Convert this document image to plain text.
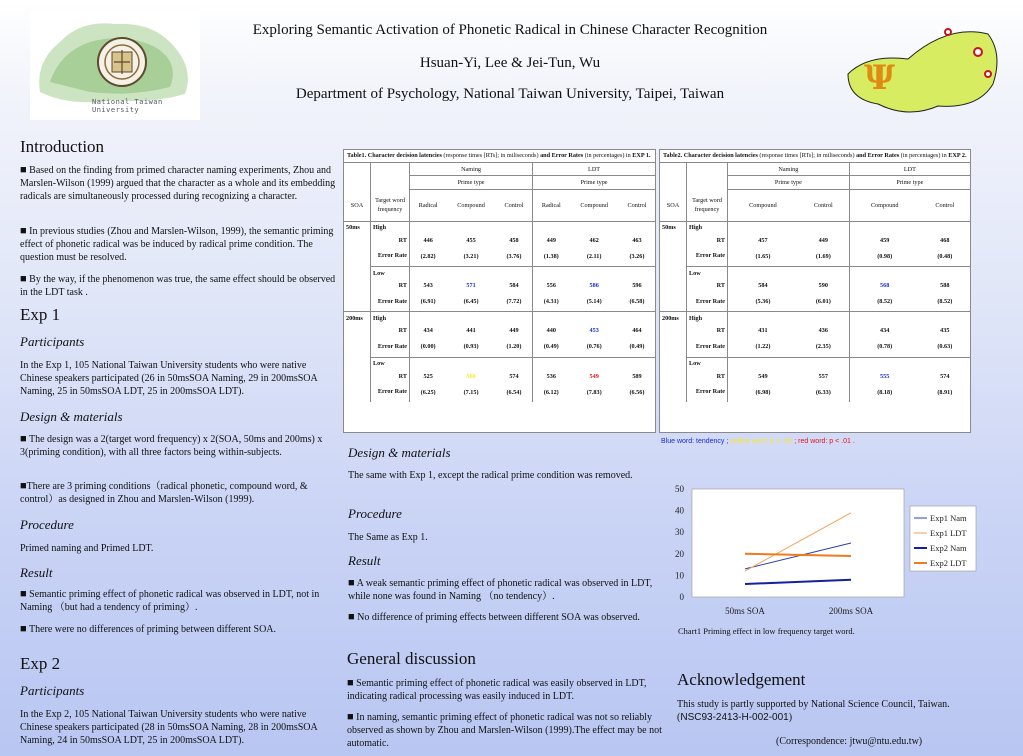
National Taiwan University
Exploring Semantic Activation of Phonetic Radical in Chinese Character Recognition
Hsuan-Yi, Lee & Jei-Tun, Wu
Department of Psychology, National Taiwan University, Taipei, Taiwan	Ψ
Introduction

■ Based on the finding from primed character naming experiments, Zhou and Marslen-Wilson (1999) argued that the character as a whole and its embedding radicals are simultaneously processed during recognizing a character.

■ In previous studies (Zhou and Marslen-Wilson, 1999), the semantic priming effect of phonetic radical was be induced by radical prime condition. The question must be resolved.

■ By the way, if the phenomenon was true, the same effect should be observed in the LDT task .

Exp 1
Participants

In the Exp 1, 105 National Taiwan University students who were native Chinese speakers participated (26 in 50msSOA Naming, 29 in 200msSOA Naming, 25 in 50msSOA LDT, 25 in 200msSOA LDT).

Design & materials

■ The design was a 2(target word frequency) x 2(SOA, 50ms and 200ms) x 3(priming condition), with all three factors being within-subjects.

■There are 3 priming conditions（radical phonetic, compound word, & control）as designed in Zhou and Marslen-Wilson (1999).

Procedure

Primed naming and Primed LDT.

Result

■ Semantic priming effect of phonetic radical was observed in LDT, not in Naming （but had a tendency of priming）.

■ There were no differences of priming between different SOA.

Exp 2
Participants

In the Exp 2, 105 National Taiwan University students who were native Chinese speakers participated (28 in 50msSOA Naming, 28 in 200msSOA Naming, 24 in 50msSOA LDT, 25 in 200msSOA LDT).

Table1. Character decision latencies (response times [RTs]; in miliseconds) and Error Rates (in percentages) in EXP 1.
		Naming			LDT		
		Prime type			Prime type		
SOA	Target word frequency	Radical	Compound	Control	Radical	Compound	Control
50ms	High						
	RT	446	455	458	449	462	463
	Error Rate	(2.82)	(3.21)	(3.76)	(1.38)	(2.11)	(3.26)
	Low						
	RT	543	571	584	556	586	596
	Error Rate	(6.91)	(6.45)	(7.72)	(4.31)	(5.14)	(6.58)
200ms	High						
	RT	434	441	449	440	453	464
	Error Rate	(0.00)	(0.93)	(1.20)	(0.49)	(0.76)	(0.49)
	Low						
	RT	525	560	574	536	549	589
	Error Rate	(6.25)	(7.15)	(6.54)	(6.12)	(7.83)	(6.56)
Table2. Character decision latencies (response times [RTs]; in miliseconds) and Error Rates (in percentages) in EXP 2.
		Naming		LDT	
		Prime type		Prime type	
SOA	Target word frequency	Compound	Control	Compound	Control
50ms	High				
	RT	457	449	459	468
	Error Rate	(1.65)	(1.69)	(0.98)	(0.48)
	Low				
	RT	584	590	568	588
	Error Rate	(5.36)	(6.01)	(8.52)	(8.52)
200ms	High				
	RT	431	436	434	435
	Error Rate	(1.22)	(2.35)	(0.78)	(0.63)
	Low				
	RT	549	557	555	574
	Error Rate	(6.98)	(6.33)	(8.18)	(8.91)
Blue word: tendency ; yellow word: p < .05 ; red word: p < .01 .
Design & materials

The same with Exp 1, except the radical prime condition was removed.

Procedure

The Same as Exp 1.

Result

■ A weak semantic priming effect of phonetic radical was observed in LDT, while none was found in Naming （no tendency）.

■ No difference of priming effects between different SOA was observed.

General discussion

■ Semantic priming effect of phonetic radical was easily observed in LDT, indicating radical processing was easily induced in LDT.

■ In naming, semantic priming effect of phonetic radical was not so reliably observed as shown by Zhou and Marslen-Wilson (1999).The effect may be not automatic.

0
10
20
30
40
50
50ms SOA	200ms SOA
Exp1 Nam
Exp1 LDT
Exp2 Nam
Exp2 LDT
Chart1 Priming effect in low frequency target word.
Acknowledgement

This study is partly supported by National Science Council, Taiwan.(NSC93-2413-H-002-001)

(Correspondence: jtwu@ntu.edu.tw)
